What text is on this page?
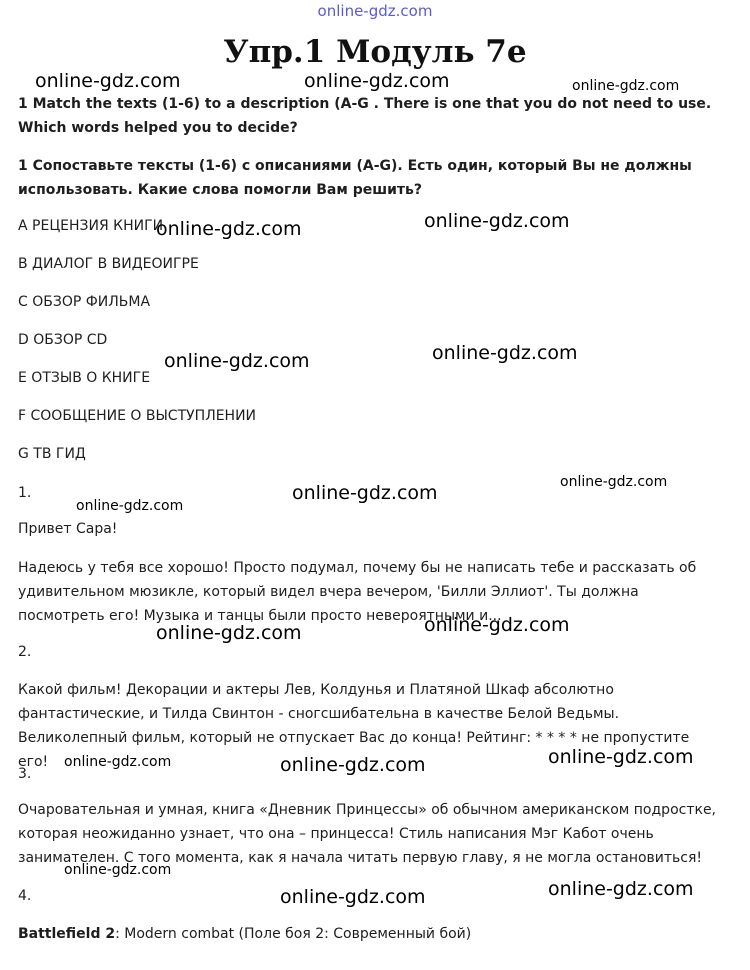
online-gdz.com
Упр.1 Модуль 7е
1 Match the texts (1-6) to a description (A-G . There is one that you do not need to use. Which words helped you to decide?
1 Сопоставьте тексты (1-6) с описаниями (A-G). Есть один, который Вы не должны использовать. Какие слова помогли Вам решить?
А РЕЦЕНЗИЯ КНИГИ
В ДИАЛОГ В ВИДЕОИГРЕ
С ОБЗОР ФИЛЬМА
D ОБЗОР CD
Е ОТЗЫВ О КНИГЕ
F СООБЩЕНИЕ О ВЫСТУПЛЕНИИ
G ТВ ГИД
1.
Привет Сара!
Надеюсь у тебя все хорошо! Просто подумал, почему бы не написать тебе и рассказать об удивительном мюзикле, который видел вчера вечером, 'Билли Эллиот'. Ты должна посмотреть его! Музыка и танцы были просто невероятными и...
2.
Какой фильм! Декорации и актеры Лев, Колдунья и Платяной Шкаф абсолютно фантастические, и Тилда Свинтон - сногсшибательна в качестве Белой Ведьмы. Великолепный фильм, который не отпускает Вас до конца! Рейтинг: * * * * не пропустите его!
3.
Очаровательная и умная, книга «Дневник Принцессы» об обычном американском подростке, которая неожиданно узнает, что она – принцесса! Стиль написания Мэг Кабот очень занимателен. С того момента, как я начала читать первую главу, я не могла остановиться!
4.
Battlefield 2: Modern combat (Поле боя 2: Современный бой)
online-gdz.com	online-gdz.com	online-gdz.com
online-gdz.com	online-gdz.com
online-gdz.com	online-gdz.com
online-gdz.com
online-gdz.com	online-gdz.com
online-gdz.com	online-gdz.com
online-gdz.com	online-gdz.com	online-gdz.com
online-gdz.com
online-gdz.com	online-gdz.com
